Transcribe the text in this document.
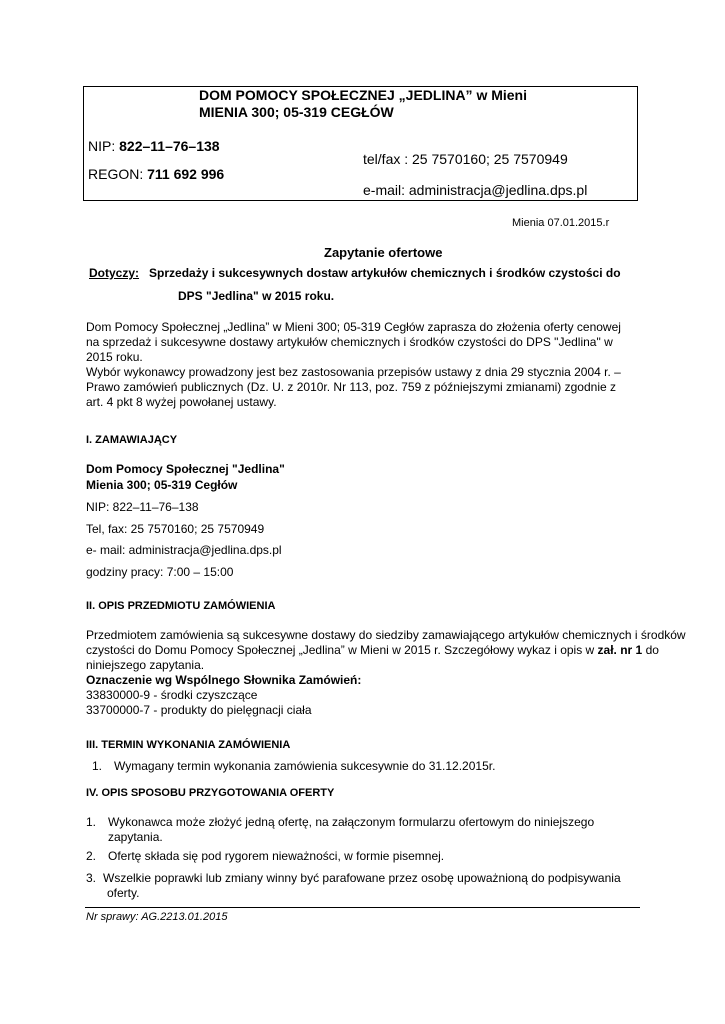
DOM POMOCY SPOŁECZNEJ „JEDLINA” w Mieni
MIENIA 300; 05-319 CEGŁÓW
NIP: 822–11–76–138
tel/fax : 25 7570160; 25 7570949
REGON: 711 692 996
e-mail: administracja@jedlina.dps.pl
Mienia 07.01.2015.r
Zapytanie ofertowe
Dotyczy: Sprzedaży i sukcesywnych dostaw artykułów chemicznych i środków czystości do
DPS "Jedlina" w 2015 roku.
Dom Pomocy Społecznej „Jedlina” w Mieni 300; 05-319 Cegłów zaprasza do złożenia oferty cenowej
na sprzedaż i sukcesywne dostawy artykułów chemicznych i środków czystości do DPS "Jedlina" w
2015 roku.
Wybór wykonawcy prowadzony jest bez zastosowania przepisów ustawy z dnia 29 stycznia 2004 r. –
Prawo zamówień publicznych (Dz. U. z 2010r. Nr 113, poz. 759 z późniejszymi zmianami) zgodnie z
art. 4 pkt 8 wyżej powołanej ustawy.
I. ZAMAWIAJĄCY
Dom Pomocy Społecznej "Jedlina"
Mienia 300; 05-319 Cegłów
NIP: 822–11–76–138
Tel, fax: 25 7570160; 25 7570949
e- mail: administracja@jedlina.dps.pl
godziny pracy: 7:00 – 15:00
II. OPIS PRZEDMIOTU ZAMÓWIENIA
Przedmiotem zamówienia są sukcesywne dostawy do siedziby zamawiającego artykułów chemicznych i środków
czystości do Domu Pomocy Społecznej „Jedlina” w Mieni w 2015 r. Szczegółowy wykaz i opis w zał. nr 1 do
niniejszego zapytania.
Oznaczenie wg Wspólnego Słownika Zamówień:
33830000-9 - środki czyszczące
33700000-7 - produkty do pielęgnacji ciała
III. TERMIN WYKONANIA ZAMÓWIENIA
1. Wymagany termin wykonania zamówienia sukcesywnie do 31.12.2015r.
IV. OPIS SPOSOBU PRZYGOTOWANIA OFERTY
1. Wykonawca może złożyć jedną ofertę, na załączonym formularzu ofertowym do niniejszego
zapytania.
2. Ofertę składa się pod rygorem nieważności, w formie pisemnej.
3. Wszelkie poprawki lub zmiany winny być parafowane przez osobę upoważnioną do podpisywania
oferty.
Nr sprawy: AG.2213.01.2015
